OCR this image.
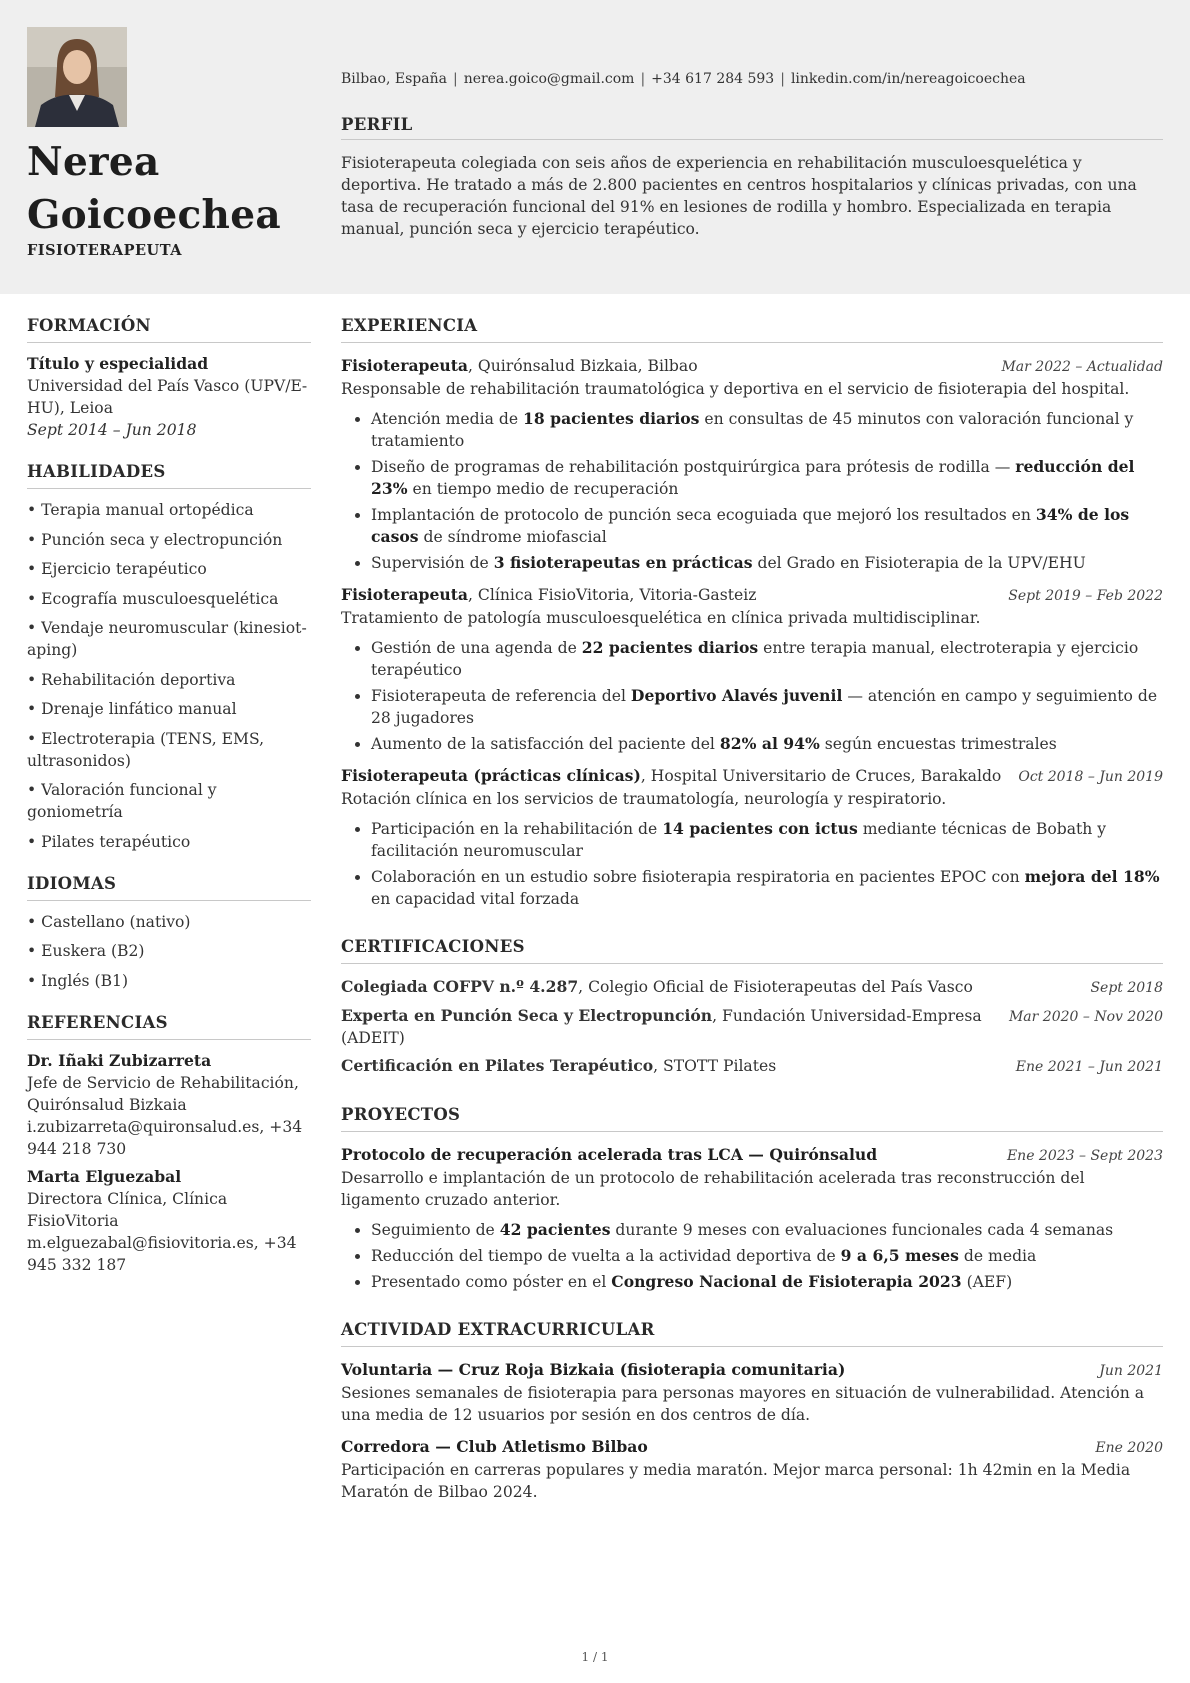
Nerea
Goicoechea
FISIOTERAPEUTA
Bilbao, España | nerea.goico@gmail.com | +34 617 284 593 | linkedin.com/in/nereagoicoechea
PERFIL

Fisioterapeuta colegiada con seis años de experiencia en rehabilitación musculoesquelética y deportiva. He tratado a más de 2.800 pacientes en centros hospitalarios y clínicas privadas, con una tasa de recuperación funcional del 91% en lesiones de rodilla y hombro. Especializada en terapia manual, punción seca y ejercicio terapéutico.

FORMACIÓN
Título y especialidad
Universidad del País Vasco (UPV/EHU), Leioa
Sept 2014 – Jun 2018
HABILIDADES
• Terapia manual ortopédica
• Punción seca y electropunción
• Ejercicio terapéutico
• Ecografía musculoesquelética
• Vendaje neuromuscular (kinesiotaping)
• Rehabilitación deportiva
• Drenaje linfático manual
• Electroterapia (TENS, EMS, ultrasonidos)
• Valoración funcional y goniometría
• Pilates terapéutico
IDIOMAS
• Castellano (nativo)
• Euskera (B2)
• Inglés (B1)
REFERENCIAS
Dr. Iñaki Zubizarreta
Jefe de Servicio de Rehabilitación, Quirónsalud Bizkaia
i.zubizarreta@quironsalud.es, +34 944 218 730
Marta Elguezabal
Directora Clínica, Clínica FisioVitoria
m.elguezabal@fisiovitoria.es, +34 945 332 187
EXPERIENCIA
Fisioterapeuta, Quirónsalud Bizkaia, Bilbao	Mar 2022 – Actualidad
Responsable de rehabilitación traumatológica y deportiva en el servicio de fisioterapia del hospital.
• Atención media de 18 pacientes diarios en consultas de 45 minutos con valoración funcional y tratamiento
• Diseño de programas de rehabilitación postquirúrgica para prótesis de rodilla — reducción del 23% en tiempo medio de recuperación
• Implantación de protocolo de punción seca ecoguiada que mejoró los resultados en 34% de los casos de síndrome miofascial
• Supervisión de 3 fisioterapeutas en prácticas del Grado en Fisioterapia de la UPV/EHU
Fisioterapeuta, Clínica FisioVitoria, Vitoria-Gasteiz	Sept 2019 – Feb 2022
Tratamiento de patología musculoesquelética en clínica privada multidisciplinar.
• Gestión de una agenda de 22 pacientes diarios entre terapia manual, electroterapia y ejercicio terapéutico
• Fisioterapeuta de referencia del Deportivo Alavés juvenil — atención en campo y seguimiento de 28 jugadores
• Aumento de la satisfacción del paciente del 82% al 94% según encuestas trimestrales
Fisioterapeuta (prácticas clínicas), Hospital Universitario de Cruces, Barakaldo	Oct 2018 – Jun 2019
Rotación clínica en los servicios de traumatología, neurología y respiratorio.
• Participación en la rehabilitación de 14 pacientes con ictus mediante técnicas de Bobath y facilitación neuromuscular
• Colaboración en un estudio sobre fisioterapia respiratoria en pacientes EPOC con mejora del 18% en capacidad vital forzada
CERTIFICACIONES
Colegiada COFPV n.º 4.287, Colegio Oficial de Fisioterapeutas del País Vasco	Sept 2018
Experta en Punción Seca y Electropunción, Fundación Universidad-Empresa (ADEIT)
Mar 2020 – Nov 2020
Certificación en Pilates Terapéutico, STOTT Pilates	Ene 2021 – Jun 2021
PROYECTOS
Protocolo de recuperación acelerada tras LCA — Quirónsalud	Ene 2023 – Sept 2023
Desarrollo e implantación de un protocolo de rehabilitación acelerada tras reconstrucción del ligamento cruzado anterior.
• Seguimiento de 42 pacientes durante 9 meses con evaluaciones funcionales cada 4 semanas
• Reducción del tiempo de vuelta a la actividad deportiva de 9 a 6,5 meses de media
• Presentado como póster en el Congreso Nacional de Fisioterapia 2023 (AEF)
ACTIVIDAD EXTRACURRICULAR
Voluntaria — Cruz Roja Bizkaia (fisioterapia comunitaria)	Jun 2021
Sesiones semanales de fisioterapia para personas mayores en situación de vulnerabilidad. Atención a una media de 12 usuarios por sesión en dos centros de día.
Corredora — Club Atletismo Bilbao	Ene 2020
Participación en carreras populares y media maratón. Mejor marca personal: 1h 42min en la Media Maratón de Bilbao 2024.
1 / 1
